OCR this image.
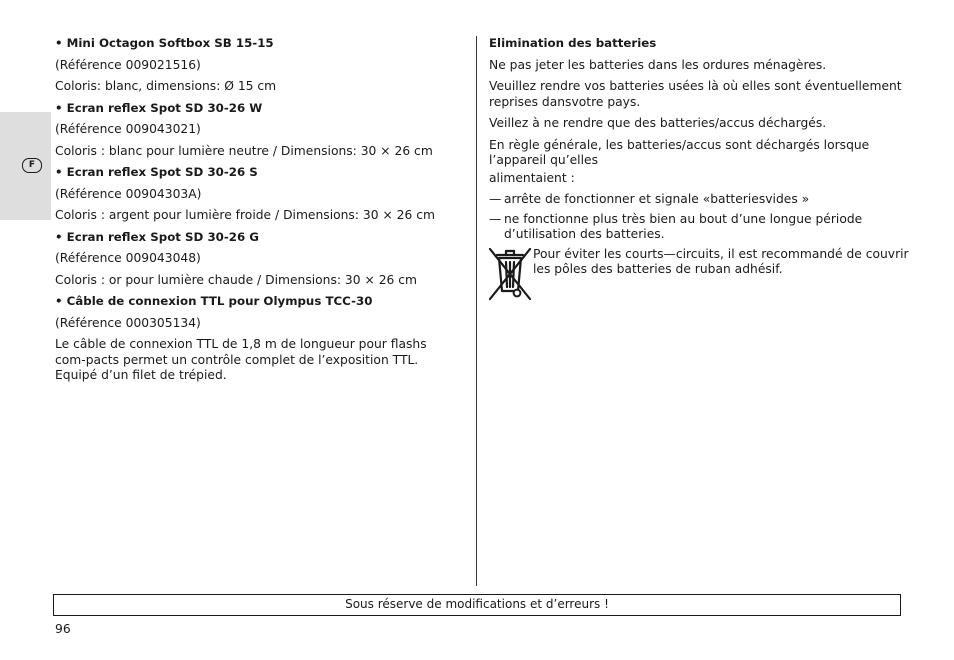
F
• Mini Octagon Softbox SB 15-15
(Référence 009021516)
Coloris: blanc, dimensions: Ø 15 cm
• Ecran reflex Spot SD 30-26 W
(Référence 009043021)
Coloris : blanc pour lumière neutre / Dimensions: 30 × 26 cm
• Ecran reflex Spot SD 30-26 S
(Référence 00904303A)
Coloris : argent pour lumière froide / Dimensions: 30 × 26 cm
• Ecran reflex Spot SD 30-26 G
(Référence 009043048)
Coloris : or pour lumière chaude / Dimensions: 30 × 26 cm
• Câble de connexion TTL pour Olympus TCC-30
(Référence 000305134)
Le câble de connexion TTL de 1,8 m de longueur pour flashs com-pacts permet un contrôle complet de l’exposition TTL. Equipé d’un filet de trépied.
Elimination des batteries
Ne pas jeter les batteries dans les ordures ménagères.
Veuillez rendre vos batteries usées là où elles sont éventuellement reprises dansvotre pays.
Veillez à ne rendre que des batteries/accus déchargés.
En règle générale, les batteries/accus sont déchargés lorsque l’appareil qu’elles
alimentaient :
— arrête de fonctionner et signale «batteriesvides »
— ne fonctionne plus très bien au bout d’une longue période d’utilisation des batteries.
Pour éviter les courts—circuits, il est recommandé de couvrir les pôles des batteries de ruban adhésif.
Sous réserve de modifications et d’erreurs !
96
